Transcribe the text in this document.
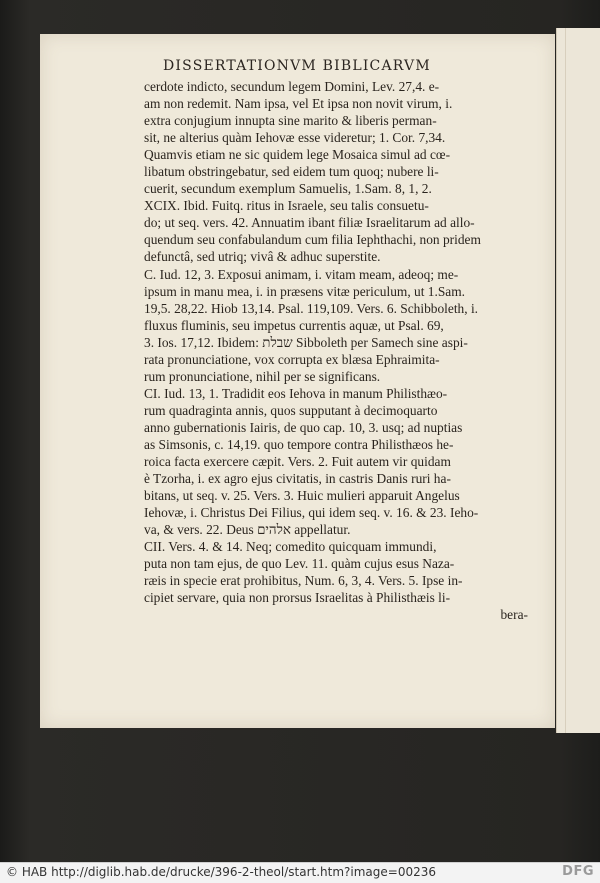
DISSERTATIONVM BIBLICARVM
cerdote indicto, secundum legem Domini, Lev. 27,4. e-
am non redemit. Nam ipsa, vel Et ipsa non novit virum, i.
extra conjugium innupta sine marito & liberis perman-
sit, ne alterius quàm Iehovæ esse videretur; 1. Cor. 7,34.
Quamvis etiam ne sic quidem lege Mosaica simul ad cœ-
libatum obstringebatur, sed eidem tum quoq; nubere li-
cuerit, secundum exemplum Samuelis, 1.Sam. 8, 1, 2.
XCIX. Ibid. Fuitq. ritus in Israele, seu talis consuetu-
do; ut seq. vers. 42. Annuatim ibant filiæ Israelitarum ad allo-
quendum seu confabulandum cum filia Iephthachi, non pridem
defunctâ, sed utriq; vivâ & adhuc superstite.
C. Iud. 12, 3. Exposui animam, i. vitam meam, adeoq; me-
ipsum in manu mea, i. in præsens vitæ periculum, ut 1.Sam.
19,5. 28,22. Hiob 13,14. Psal. 119,109. Vers. 6. Schibboleth, i.
fluxus fluminis, seu impetus currentis aquæ, ut Psal. 69,
3. Ios. 17,12. Ibidem: שבלת Sibboleth per Samech sine aspi-
rata pronunciatione, vox corrupta ex blæsa Ephraimita-
rum pronunciatione, nihil per se significans.
CI. Iud. 13, 1. Tradidit eos Iehova in manum Philisthæo-
rum quadraginta annis, quos supputant à decimoquarto
anno gubernationis Iairis, de quo cap. 10, 3. usq; ad nuptias
as Simsonis, c. 14,19. quo tempore contra Philisthæos he-
roica facta exercere cæpit. Vers. 2. Fuit autem vir quidam
è Tzorha, i. ex agro ejus civitatis, in castris Danis ruri ha-
bitans, ut seq. v. 25. Vers. 3. Huic mulieri apparuit Angelus
Iehovæ, i. Christus Dei Filius, qui idem seq. v. 16. & 23. Ieho-
va, & vers. 22. Deus אלהים appellatur.
CII. Vers. 4. & 14. Neq; comedito quicquam immundi,
puta non tam ejus, de quo Lev. 11. quàm cujus esus Naza-
ræis in specie erat prohibitus, Num. 6, 3, 4. Vers. 5. Ipse in-
cipiet servare, quia non prorsus Israelitas à Philisthæis li-
bera-
© HAB http://diglib.hab.de/drucke/396-2-theol/start.htm?image=00236	DFG
